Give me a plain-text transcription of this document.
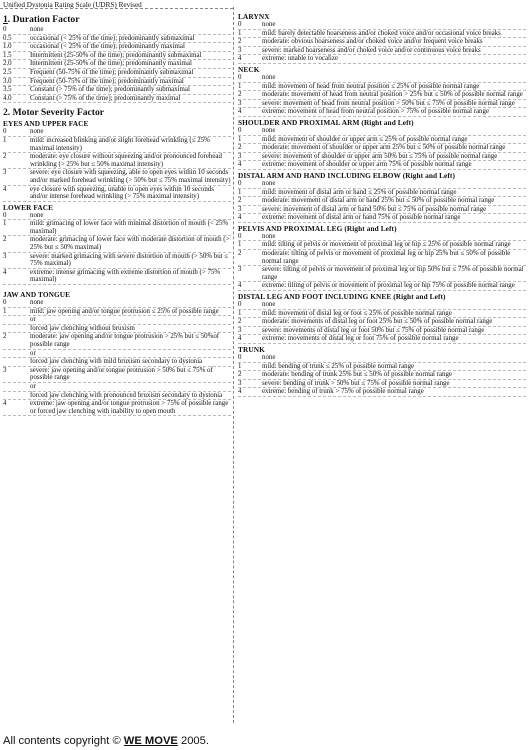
Unified Dystonia Rating Scale (UDRS) Revised
1. Duration Factor
0	none
0.5	occasional (< 25% of the time); predominantly submaximal
1.0	occasional (< 25% of the time); predominantly maximal
1.5	Intermittent (25-50% of the time); predominantly submaximal
2.0	Intermittent (25-50% of the time); predominantly maximal
2.5	Frequent (50-75% of the time); predominantly submaximal
3.0	Frequent (50-75% of the time); predominantly maximal
3.5	Constant (> 75% of the time); predominantly submaximal
4.0	Constant (> 75% of the time); predominantly maximal
2. Motor Severity Factor
EYES AND UPPER FACE
0	none
1	mild: increased blinking and/or slight forehead wrinkling (≤ 25% maximal intensity)
2	moderate: eye closure without squeezing and/or pronounced forehead wrinkling (> 25% but ≤ 50% maximal intensity)
3	severe: eye closure with squeezing, able to open eyes within 10 seconds and/or marked forehead wrinkling (> 50% but ≤ 75% maximal intensity)
4	eye closure with squeezing, unable to open eyes within 10 seconds and/or intense forehead wrinkling (> 75% maximal intensity)
LOWER FACE
0	none
1	mild: grimacing of lower face with minimal distortion of mouth (< 25% maximal)
2	moderate: grimacing of lower face with moderate distortion of mouth (> 25% but ≤ 50% maximal)
3	severe: marked grimacing with severe distortion of mouth (> 50% but ≤ 75% maximal)
4	extreme: intense grimacing with extreme distortion of mouth (> 75% maximal)
JAW AND TONGUE
0	none
1	mild: jaw opening and/or tongue protrusion ≤ 25% of possible range
or
forced jaw clenching without bruxism
2	moderate: jaw opening and/or tongue protrusion > 25% but ≤ 50%of possible range
or
forced jaw clenching with mild bruxism secondary to dystonia
3	severe: jaw opening and/or tongue protrusion > 50% but ≤ 75% of possible range
or
forced jaw clenching with pronounced bruxism secondary to dystonia
4	extreme: jaw opening and/or tongue protrusion > 75% of possible range or forced jaw clenching with inability to open mouth
LARYNX
0	none
1	mild: barely detectable hoarseness and/or choked voice and/or occasional voice breaks
2	moderate: obvious hoarseness and/or choked voice and/or frequent voice breaks
3	severe: marked hoarseness and/or choked voice and/or continuous voice breaks
4	extreme: unable to vocalize
NECK
0	none
1	mild: movement of head from neutral position ≤ 25% of possible normal range
2	moderate: movement of head from neutral position > 25% but ≤ 50% of possible normal range
3	severe: movement of head from neutral position > 50% but ≤ 75% of possible normal range
4	extreme: movement of head from neutral position > 75% of possible normal range
SHOULDER AND PROXIMAL ARM (Right and Left)
0	none
1	mild: movement of shoulder or upper arm ≤ 25% of possible normal range
2	moderate: movement of shoulder or upper arm 25% but ≤ 50% of possible normal range
3	severe: movement of shoulder or upper arm 50% but ≤ 75% of possible normal range
4	extreme: movement of shoulder or upper arm 75% of possible normal range
DISTAL ARM AND HAND INCLUDING ELBOW (Right and Left)
0	none
1	mild: movement of distal arm or hand ≤ 25% of possible normal range
2	moderate: movement of distal arm or hand 25% but ≤ 50% of possible normal range
3	severe: movement of distal arm or hand 50% but ≤ 75% of possible normal range
4	extreme: movement of distal arm or hand 75% of possible normal range
PELVIS AND PROXIMAL LEG (Right and Left)
0	none
1	mild: tilting of pelvis or movement of proximal leg or hip ≤ 25% of possible normal range
2	moderate: tilting of pelvis or movement of proximal leg or hip 25% but ≤ 50% of possible normal range
3	severe: tilting of pelvis or movement of proximal leg or hip 50% but ≤ 75% of possible normal range
4	extreme: tilting of pelvis or movement of proximal leg or hip 75% of possible normal range
DISTAL LEG AND FOOT INCLUDING KNEE (Right and Left)
0	none
1	mild: movement of distal leg or foot ≤ 25% of possible normal range
2	moderate: movements of distal leg or foot 25% but ≤ 50% of possible normal range
3	severe: movements of distal leg or foot 50% but ≤ 75% of possible normal range
4	extreme: movements of distal leg or foot 75% of possible normal range
TRUNK
0	none
1	mild: bending of trunk ≤ 25% of possible normal range
2	moderate: bending of trunk 25% but ≤ 50% of possible normal range
3	severe: bending of trunk > 50% but ≤ 75% of possible normal range
4	extreme: bending of trunk > 75% of possible normal range
All contents copyright © WE MOVE 2005.
